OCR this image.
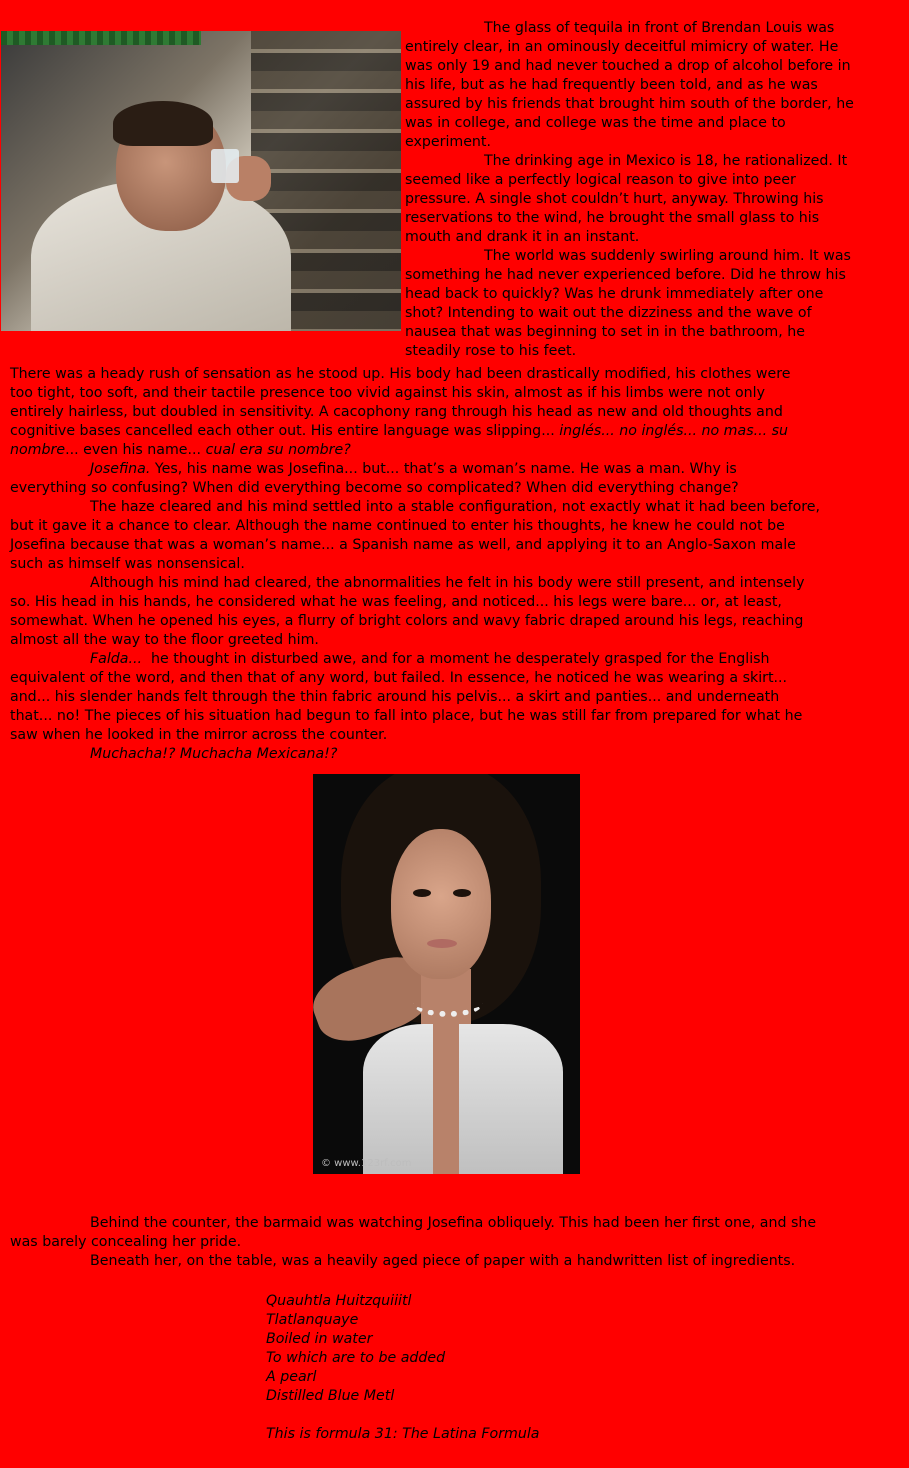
The glass of tequila in front of Brendan Louis was
entirely clear, in an ominously deceitful mimicry of water. He
was only 19 and had never touched a drop of alcohol before in
his life, but as he had frequently been told, and as he was
assured by his friends that brought him south of the border, he
was in college, and college was the time and place to
experiment.
The drinking age in Mexico is 18, he rationalized. It
seemed like a perfectly logical reason to give into peer
pressure. A single shot couldn’t hurt, anyway. Throwing his
reservations to the wind, he brought the small glass to his
mouth and drank it in an instant.
The world was suddenly swirling around him. It was
something he had never experienced before. Did he throw his
head back to quickly? Was he drunk immediately after one
shot? Intending to wait out the dizziness and the wave of
nausea that was beginning to set in in the bathroom, he
steadily rose to his feet.
There was a heady rush of sensation as he stood up. His body had been drastically modified, his clothes were
too tight, too soft, and their tactile presence too vivid against his skin, almost as if his limbs were not only
entirely hairless, but doubled in sensitivity. A cacophony rang through his head as new and old thoughts and
cognitive bases cancelled each other out. His entire language was slipping... inglés... no inglés... no mas... su
nombre... even his name... cual era su nombre?
Josefina. Yes, his name was Josefina... but... that’s a woman’s name. He was a man. Why is
everything so confusing? When did everything become so complicated? When did everything change?
The haze cleared and his mind settled into a stable configuration, not exactly what it had been before,
but it gave it a chance to clear. Although the name continued to enter his thoughts, he knew he could not be
Josefina because that was a woman’s name... a Spanish name as well, and applying it to an Anglo-Saxon male
such as himself was nonsensical.
Although his mind had cleared, the abnormalities he felt in his body were still present, and intensely
so. His head in his hands, he considered what he was feeling, and noticed... his legs were bare... or, at least,
somewhat. When he opened his eyes, a flurry of bright colors and wavy fabric draped around his legs, reaching
almost all the way to the floor greeted him.
Falda...  he thought in disturbed awe, and for a moment he desperately grasped for the English
equivalent of the word, and then that of any word, but failed. In essence, he noticed he was wearing a skirt...
and... his slender hands felt through the thin fabric around his pelvis... a skirt and panties... and underneath
that... no! The pieces of his situation had begun to fall into place, but he was still far from prepared for what he
saw when he looked in the mirror across the counter.
Muchacha!? Muchacha Mexicana!?
© www.123rf.com
Behind the counter, the barmaid was watching Josefina obliquely. This had been her first one, and she
was barely concealing her pride.
Beneath her, on the table, was a heavily aged piece of paper with a handwritten list of ingredients.
Quauhtla Huitzquiiitl
Tlatlanquaye
Boiled in water
To which are to be added
A pearl
Distilled Blue Metl
This is formula 31: The Latina Formula
